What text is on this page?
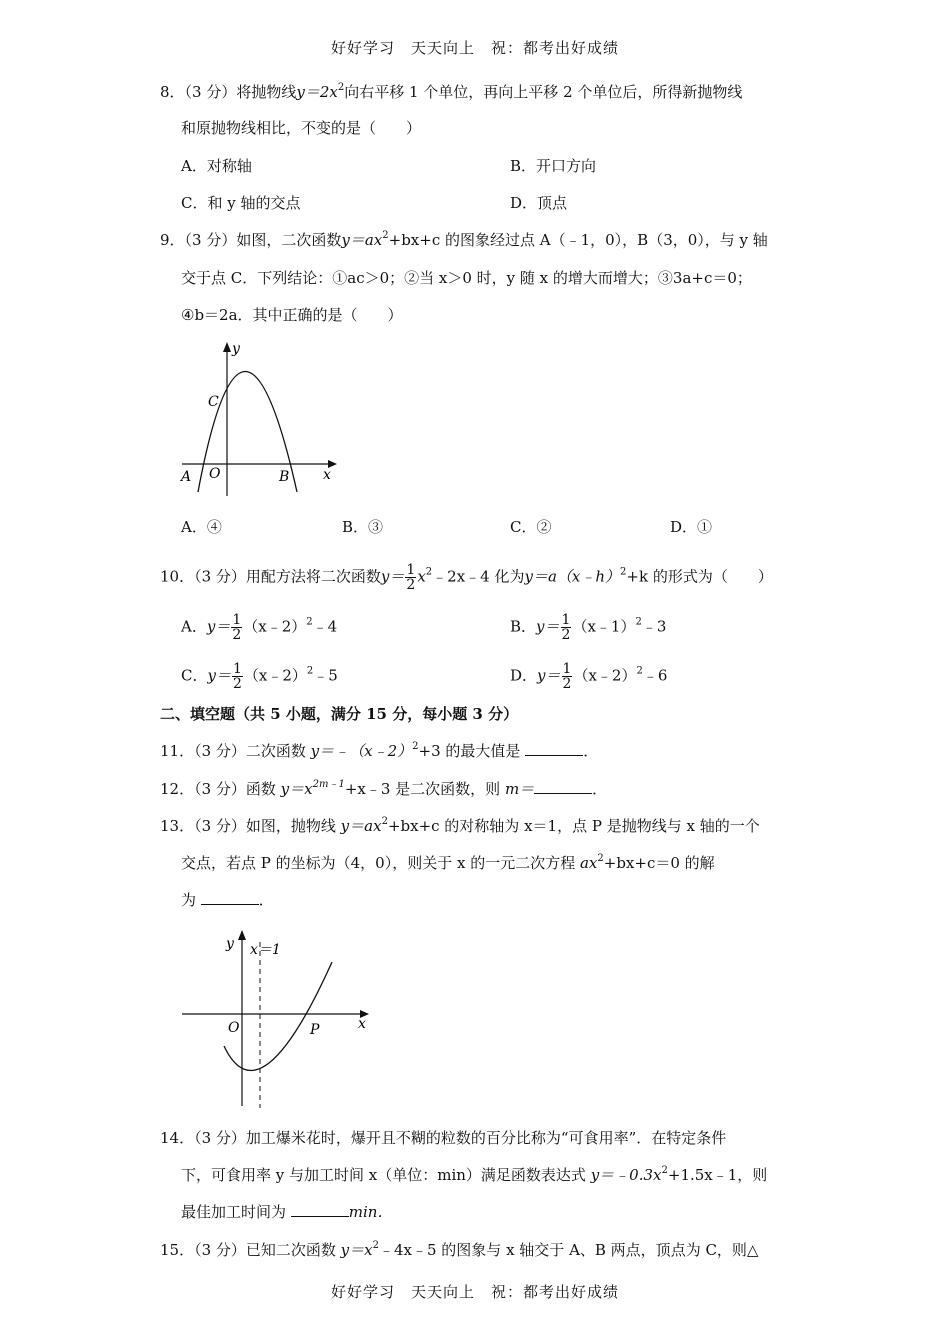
好好学习　天天向上　祝：都考出好成绩
8．（3 分）将抛物线$y=2x^2$向右平移 1 个单位，再向上平移 2 个单位后，所得新抛物线
和原抛物线相比，不变的是（　　）
A．对称轴	B．开口方向
C．和 y 轴的交点	D．顶点
9．（3 分）如图，二次函数$y=ax^2+bx+c$ 的图象经过点 A（﹣1，0），B（3，0），与 y 轴
交于点 C．下列结论：①ac＞0；②当 x＞0 时，y 随 x 的增大而增大；③3a+c＝0；
④b＝2a．其中正确的是（　　）
y
x
C
O
A	B
A．④	B．③	C．②	D．①
10．（3 分）用配方法将二次函数$y= \frac{1}{2}$ $x^2﹣2x﹣4$ 化为y＝a（x﹣h）$^2$+k 的形式为（　　）
A．$y= \frac{1}{2}$ （x﹣2）$^2$﹣4	B．$y= \frac{1}{2}$ （x﹣1）$^2$﹣3
C．$y= \frac{1}{2}$ （x﹣2）$^2$﹣5	D．$y= \frac{1}{2}$ （x﹣2）$^2$﹣6
二、填空题（共 5 小题，满分 15 分，每小题 3 分）
11．（3 分）二次函数 y＝﹣（x﹣2）$^2$+3 的最大值是	．
12．（3 分）函数 $y=x^{2m﹣1}+x﹣3$ 是二次函数，则 m＝	．
13．（3 分）如图，抛物线 $y=ax^2+bx+c$ 的对称轴为 x＝1，点 P 是抛物线与 x 轴的一个
交点，若点 P 的坐标为（4，0），则关于 x 的一元二次方程 $ax^2+bx+c=0$ 的解
为	．
y x＝1
O	P	x
14．（3 分）加工爆米花时，爆开且不糊的粒数的百分比称为“可食用率”．在特定条件
下，可食用率 y 与加工时间 x（单位：min）满足函数表达式 $y=﹣0.3x^2+1.5x﹣1$，则
最佳加工时间为	min．
15．（3 分）已知二次函数 $y=x^2﹣4x﹣5$ 的图象与 x 轴交于 A、B 两点，顶点为 C，则△
好好学习　天天向上　祝：都考出好成绩
